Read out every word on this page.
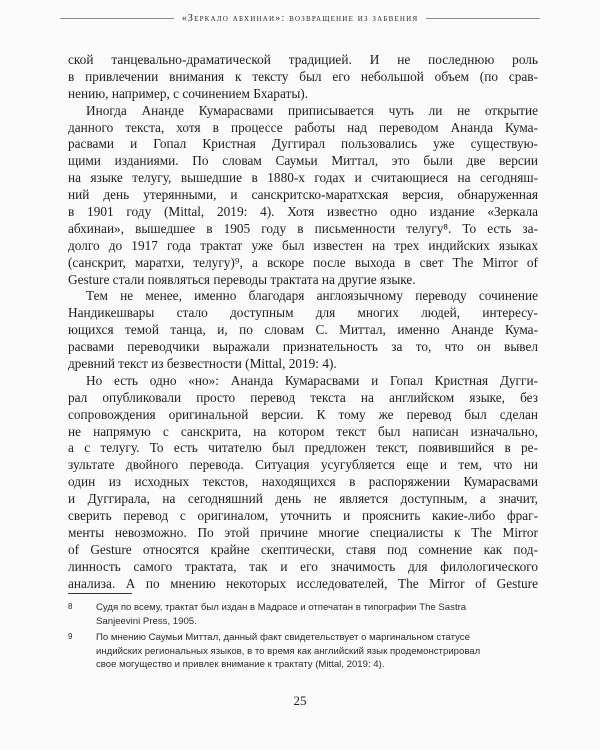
«Зеркало абхинаи»: возвращение из забвения
ской танцевально-драматической традицией. И не последнюю роль
в привлечении внимания к тексту был его небольшой объем (по срав-
нению, например, с сочинением Бхараты).
Иногда Ананде Кумарасвами приписывается чуть ли не открытие
данного текста, хотя в процессе работы над переводом Ананда Кума-
расвами и Гопал Кристная Дуггирал пользовались уже существую-
щими изданиями. По словам Саумьи Миттал, это были две версии
на языке телугу, вышедшие в 1880-х годах и считающиеся на сегодняш-
ний день утерянными, и санскритско-маратхская версия, обнаруженная
в 1901 году (Mittal, 2019: 4). Хотя известно одно издание «Зеркала
абхинаи», вышедшее в 1905 году в письменности телугу⁸. То есть за-
долго до 1917 года трактат уже был известен на трех индийских языках
(санскрит, маратхи, телугу)⁹, а вскоре после выхода в свет The Mirror of
Gesture стали появляться переводы трактата на другие языке.
Тем не менее, именно благодаря англоязычному переводу сочинение
Нандикешвары стало доступным для многих людей, интересу-
ющихся темой танца, и, по словам С. Миттал, именно Ананде Кума-
расвами переводчики выражали признательность за то, что он вывел
древний текст из безвестности (Mittal, 2019: 4).
Но есть одно «но»: Ананда Кумарасвами и Гопал Кристная Дугги-
рал опубликовали просто перевод текста на английском языке, без
сопровождения оригинальной версии. К тому же перевод был сделан
не напрямую с санскрита, на котором текст был написан изначально,
а с телугу. То есть читателю был предложен текст, появившийся в ре-
зультате двойного перевода. Ситуация усугубляется еще и тем, что ни
один из исходных текстов, находящихся в распоряжении Кумарасвами
и Дуггирала, на сегодняшний день не является доступным, а значит,
сверить перевод с оригиналом, уточнить и прояснить какие-либо фраг-
менты невозможно. По этой причине многие специалисты к The Mirror
of Gesture относятся крайне скептически, ставя под сомнение как под-
линность самого трактата, так и его значимость для филологического
анализа. А по мнению некоторых исследователей, The Mirror of Gesture
8	Судя по всему, трактат был издан в Мадрасе и отпечатан в типографии The Sastra
Sanjeevini Press, 1905.
9	По мнению Саумьи Миттал, данный факт свидетельствует о маргинальном статусе
индийских региональных языков, в то время как английский язык продемонстрировал
свое могущество и привлек внимание к трактату (Mittal, 2019: 4).
25
